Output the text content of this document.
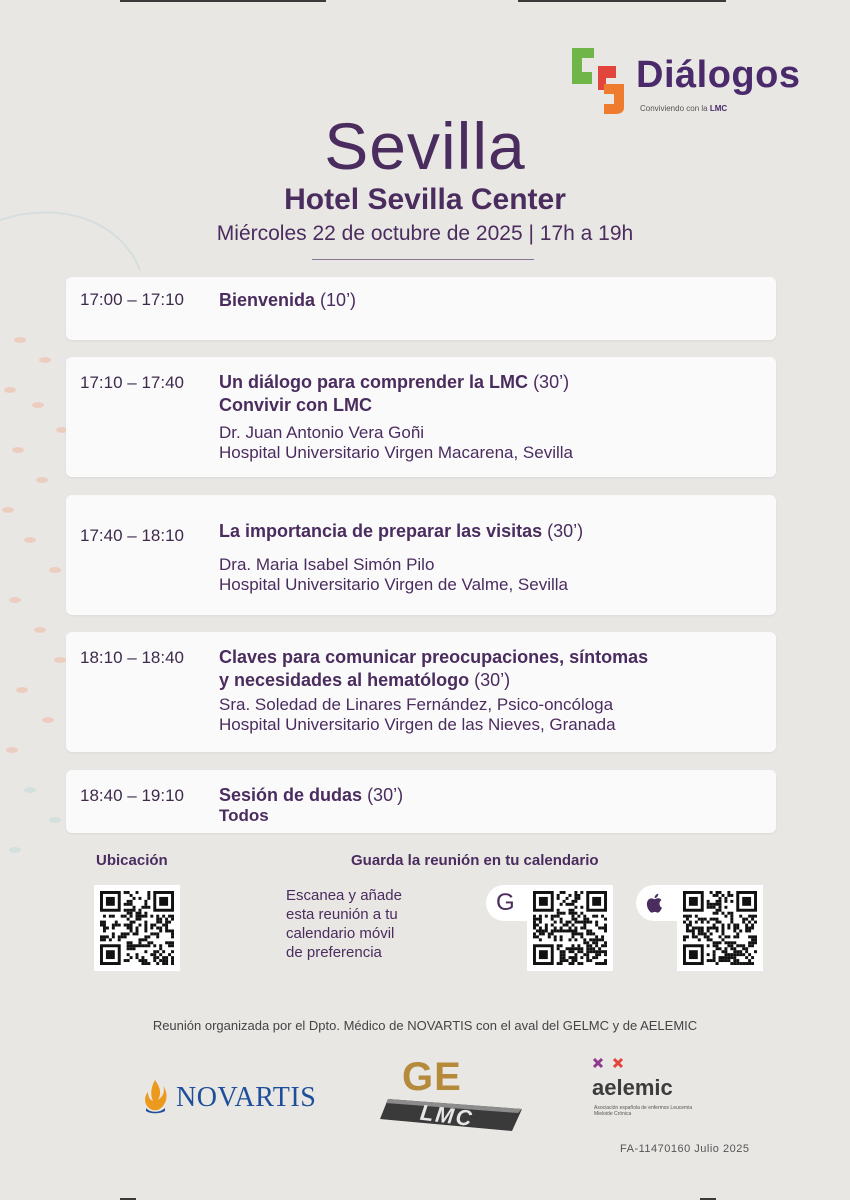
Diálogos
Conviviendo con la LMC
Sevilla
Hotel Sevilla Center
Miércoles 22 de octubre de 2025 | 17h a 19h
17:00 – 17:10 Bienvenida (10’)
17:10 – 17:40 Un diálogo para comprender la LMC (30’)
Convivir con LMC
Dr. Juan Antonio Vera Goñi
Hospital Universitario Virgen Macarena, Sevilla
17:40 – 18:10 La importancia de preparar las visitas (30’)
Dra. Maria Isabel Simón Pilo
Hospital Universitario Virgen de Valme, Sevilla
18:10 – 18:40 Claves para comunicar preocupaciones, síntomas
y necesidades al hematólogo (30’)
Sra. Soledad de Linares Fernández, Psico-oncóloga
Hospital Universitario Virgen de las Nieves, Granada
18:40 – 19:10 Sesión de dudas (30’)
Todos
Ubicación	Guarda la reunión en tu calendario
Escanea y añade
esta reunión a tu
calendario móvil
de preferencia
G
Reunión organizada por el Dpto. Médico de NOVARTIS con el aval del GELMC y de AELEMIC
NOVARTIS GE
LMC
aelemic
Asociación española de enfermos Leucemia Mieloide Crónica
FA-11470160 Julio 2025
